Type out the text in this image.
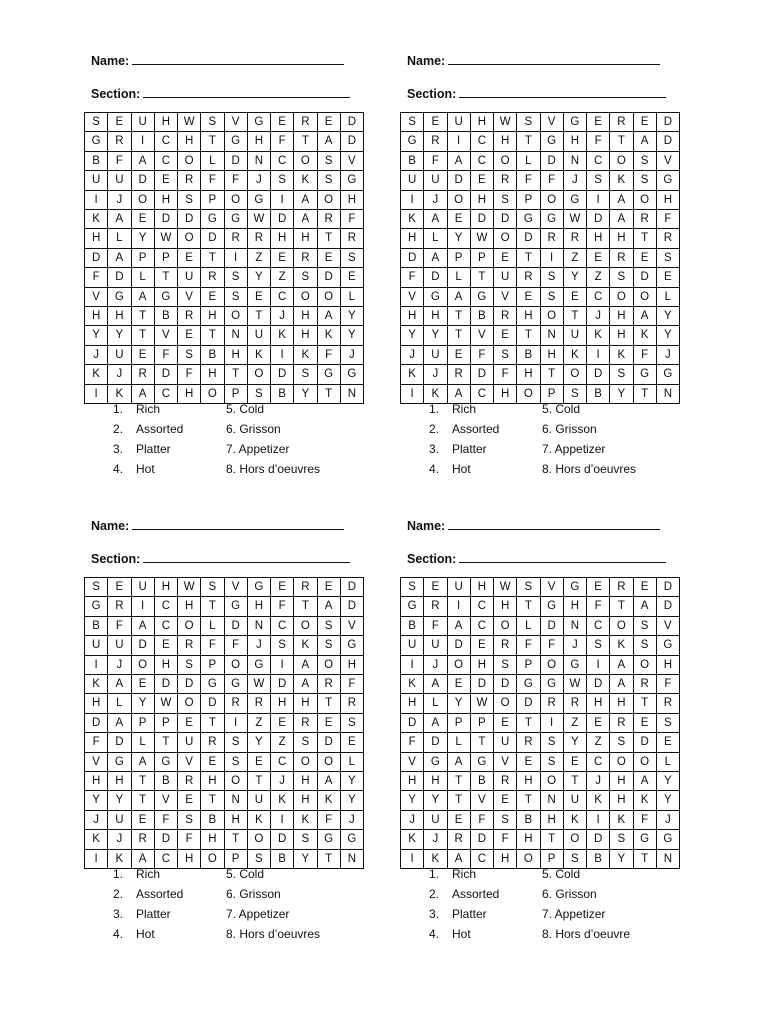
Name:
Section:
S	E	U	H	W	S	V	G	E	R	E	D
G	R	I	C	H	T	G	H	F	T	A	D
B	F	A	C	O	L	D	N	C	O	S	V
U	U	D	E	R	F	F	J	S	K	S	G
I	J	O	H	S	P	O	G	I	A	O	H
K	A	E	D	D	G	G	W	D	A	R	F
H	L	Y	W	O	D	R	R	H	H	T	R
D	A	P	P	E	T	I	Z	E	R	E	S
F	D	L	T	U	R	S	Y	Z	S	D	E
V	G	A	G	V	E	S	E	C	O	O	L
H	H	T	B	R	H	O	T	J	H	A	Y
Y	Y	T	V	E	T	N	U	K	H	K	Y
J	U	E	F	S	B	H	K	I	K	F	J
K	J	R	D	F	H	T	O	D	S	G	G
I	K	A	C	H	O	P	S	B	Y	T	N
1. Rich	5. Cold
2. Assorted	6. Grisson
3. Platter	7. Appetizer
4. Hot	8. Hors d’oeuvres
Name:
Section:
S	E	U	H	W	S	V	G	E	R	E	D
G	R	I	C	H	T	G	H	F	T	A	D
B	F	A	C	O	L	D	N	C	O	S	V
U	U	D	E	R	F	F	J	S	K	S	G
I	J	O	H	S	P	O	G	I	A	O	H
K	A	E	D	D	G	G	W	D	A	R	F
H	L	Y	W	O	D	R	R	H	H	T	R
D	A	P	P	E	T	I	Z	E	R	E	S
F	D	L	T	U	R	S	Y	Z	S	D	E
V	G	A	G	V	E	S	E	C	O	O	L
H	H	T	B	R	H	O	T	J	H	A	Y
Y	Y	T	V	E	T	N	U	K	H	K	Y
J	U	E	F	S	B	H	K	I	K	F	J
K	J	R	D	F	H	T	O	D	S	G	G
I	K	A	C	H	O	P	S	B	Y	T	N
1. Rich	5. Cold
2. Assorted	6. Grisson
3. Platter	7. Appetizer
4. Hot	8. Hors d’oeuvres
Name:
Section:
S	E	U	H	W	S	V	G	E	R	E	D
G	R	I	C	H	T	G	H	F	T	A	D
B	F	A	C	O	L	D	N	C	O	S	V
U	U	D	E	R	F	F	J	S	K	S	G
I	J	O	H	S	P	O	G	I	A	O	H
K	A	E	D	D	G	G	W	D	A	R	F
H	L	Y	W	O	D	R	R	H	H	T	R
D	A	P	P	E	T	I	Z	E	R	E	S
F	D	L	T	U	R	S	Y	Z	S	D	E
V	G	A	G	V	E	S	E	C	O	O	L
H	H	T	B	R	H	O	T	J	H	A	Y
Y	Y	T	V	E	T	N	U	K	H	K	Y
J	U	E	F	S	B	H	K	I	K	F	J
K	J	R	D	F	H	T	O	D	S	G	G
I	K	A	C	H	O	P	S	B	Y	T	N
1. Rich	5. Cold
2. Assorted	6. Grisson
3. Platter	7. Appetizer
4. Hot	8. Hors d’oeuvres
Name:
Section:
S	E	U	H	W	S	V	G	E	R	E	D
G	R	I	C	H	T	G	H	F	T	A	D
B	F	A	C	O	L	D	N	C	O	S	V
U	U	D	E	R	F	F	J	S	K	S	G
I	J	O	H	S	P	O	G	I	A	O	H
K	A	E	D	D	G	G	W	D	A	R	F
H	L	Y	W	O	D	R	R	H	H	T	R
D	A	P	P	E	T	I	Z	E	R	E	S
F	D	L	T	U	R	S	Y	Z	S	D	E
V	G	A	G	V	E	S	E	C	O	O	L
H	H	T	B	R	H	O	T	J	H	A	Y
Y	Y	T	V	E	T	N	U	K	H	K	Y
J	U	E	F	S	B	H	K	I	K	F	J
K	J	R	D	F	H	T	O	D	S	G	G
I	K	A	C	H	O	P	S	B	Y	T	N
1. Rich	5. Cold
2. Assorted	6. Grisson
3. Platter	7. Appetizer
4. Hot	8. Hors d’oeuvre
